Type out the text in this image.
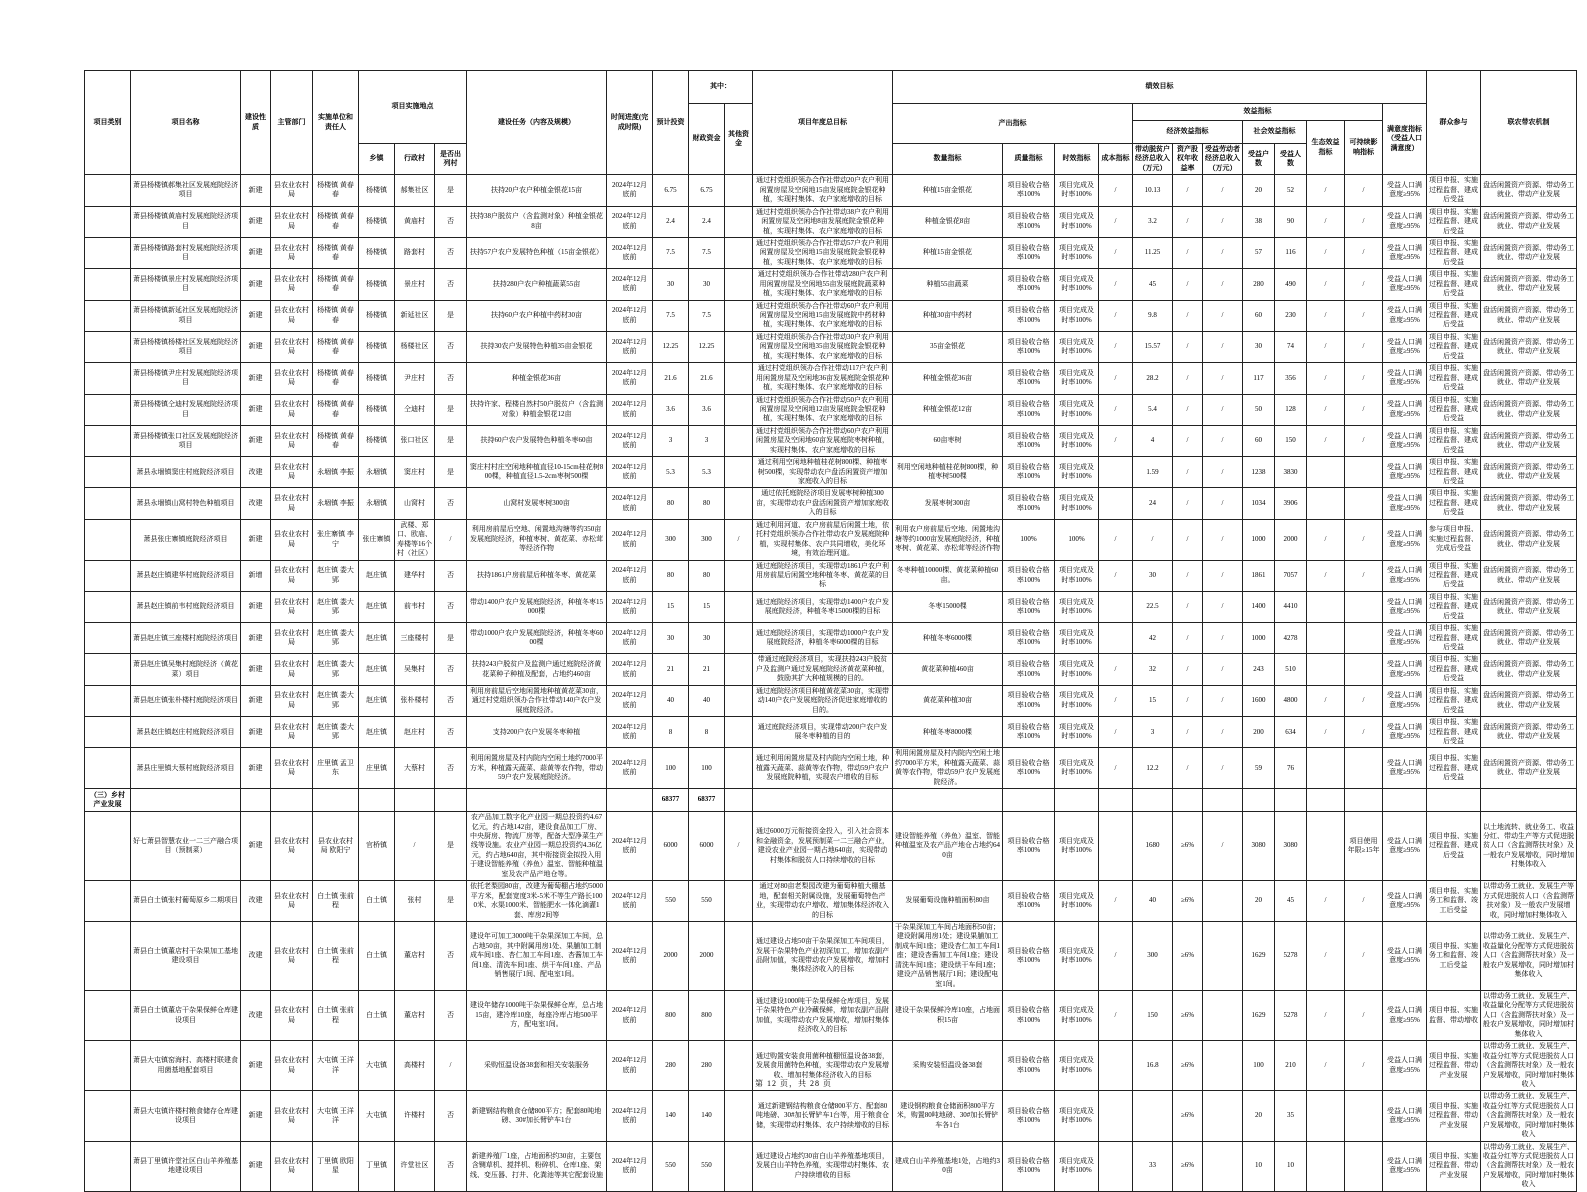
项目类别	项目名称	建设性质	主管部门	实施单位和责任人	项目实施地点			建设任务（内容及规模）	时间进度(完成时限)	预计投资	其中：		项目年度总目标	绩效目标												群众参与	联农带农机制
											财政资金	其他资金		产出指标				效益指标							满意度指标（受益人口满意度）		
																		经济效益指标			社会效益指标		生态效益指标	可持续影响指标			
					乡镇	行政村	是否出列村							数量指标	质量指标	时效指标	成本指标	带动脱贫户经济总收入（万元）	资产股权年收益率	受益劳动者经济总收入（万元）	受益户数	受益人数					
	萧县杨楼镇郝集社区发展庭院经济项目	新建	县农业农村局	杨楼镇 黄春春	杨楼镇	郝集社区	是	扶持20户农户种植金银花15亩	2024年12月底前	6.75	6.75		通过村党组织领办合作社带动20户农户利用闲置房屋及空闲地15亩发展庭院金银花种植，实现村集体、农户家庭增收的目标	种植15亩金银花	项目验收合格率100%	项目完成及时率100%	/	10.13	/	/	20	52	/	/	受益人口满意度≥95%	项目申报、实施过程监督、建成后受益	盘活闲置资产资源、带动务工就业、带动产业发展
	萧县杨楼镇黄庙村发展庭院经济项目	新建	县农业农村局	杨楼镇 黄春春	杨楼镇	黄庙村	否	扶持38户脱贫户（含监测对象）种植金银花8亩	2024年12月底前	2.4	2.4		通过村党组织领办合作社带动38户农户利用闲置房屋及空闲地8亩发展庭院金银花种植，实现村集体、农户家庭增收的目标	种植金银花8亩	项目验收合格率100%	项目完成及时率100%	/	3.2	/	/	38	90	/	/	受益人口满意度≥95%	项目申报、实施过程监督、建成后受益	盘活闲置资产资源、带动务工就业、带动产业发展
	萧县杨楼镇路套村发展庭院经济项目	新建	县农业农村局	杨楼镇 黄春春	杨楼镇	路套村	否	扶持57户农户发展特色种植（15亩金银花）	2024年12月底前	7.5	7.5		通过村党组织领办合作社带动57户农户利用闲置房屋及空闲地15亩发展庭院金银花种植，实现村集体、农户家庭增收的目标	种植15亩金银花	项目验收合格率100%	项目完成及时率100%	/	11.25	/	/	57	116	/	/	受益人口满意度≥95%	项目申报、实施过程监督、建成后受益	盘活闲置资产资源、带动务工就业、带动产业发展
	萧县杨楼镇景庄村发展庭院经济项目	新建	县农业农村局	杨楼镇 黄春春	杨楼镇	景庄村	否	扶持280户农户种植蔬菜55亩	2024年12月底前	30	30		通过村党组织领办合作社带动280户农户利用闲置房屋及空闲地55亩发展庭院蔬菜种植，实现村集体、农户家庭增收的目标	种植55亩蔬菜	项目验收合格率100%	项目完成及时率100%	/	45	/	/	280	490	/	/	受益人口满意度≥95%	项目申报、实施过程监督、建成后受益	盘活闲置资产资源、带动务工就业、带动产业发展
	萧县杨楼镇新延社区发展庭院经济项目	新建	县农业农村局	杨楼镇 黄春春	杨楼镇	新延社区	是	扶持60户农户种植中药材30亩	2024年12月底前	7.5	7.5		通过村党组织领办合作社带动60户农户利用闲置房屋及空闲地15亩发展庭院中药材种植，实现村集体、农户家庭增收的目标	种植30亩中药材	项目验收合格率100%	项目完成及时率100%	/	9.8	/	/	60	230	/	/	受益人口满意度≥95%	项目申报、实施过程监督、建成后受益	盘活闲置资产资源、带动务工就业、带动产业发展
	萧县杨楼镇杨楼社区发展庭院经济项目	新建	县农业农村局	杨楼镇 黄春春	杨楼镇	杨楼社区	否	扶持30农户发展特色种植35亩金银花	2024年12月底前	12.25	12.25		通过村党组织领办合作社带动30户农户利用闲置房屋及空闲地35亩发展庭院金银花种植，实现村集体、农户家庭增收的目标	35亩金银花	项目验收合格率100%	项目完成及时率100%	/	15.57	/	/	30	74	/	/	受益人口满意度≥95%	项目申报、实施过程监督、建成后受益	盘活闲置资产资源、带动务工就业、带动产业发展
	萧县杨楼镇尹庄村发展庭院经济项目	新建	县农业农村局	杨楼镇 黄春春	杨楼镇	尹庄村	否	种植金银花36亩	2024年12月底前	21.6	21.6		通过村党组织领办合作社带动117户农户利用闲置房屋及空闲地36亩发展庭院金银花种植，实现村集体、农户家庭增收的目标	种植金银花36亩	项目验收合格率100%	项目完成及时率100%	/	28.2	/	/	117	356	/	/	受益人口满意度≥95%	项目申报、实施过程监督、建成后受益	盘活闲置资产资源、带动务工就业、带动产业发展
	萧县杨楼镇仝迪村发展庭院经济项目	新建	县农业农村局	杨楼镇 黄春春	杨楼镇	仝迪村	是	扶持许家、程楼自然村50户脱贫户（含监测对象）种植金银花12亩	2024年12月底前	3.6	3.6		通过村党组织领办合作社带动50户农户利用闲置房屋及空闲地12亩发展庭院金银花种植，实现村集体、农户家庭增收的目标	种植金银花12亩	项目验收合格率100%	项目完成及时率100%	/	5.4	/	/	50	128	/	/	受益人口满意度≥95%	项目申报、实施过程监督、建成后受益	盘活闲置资产资源、带动务工就业、带动产业发展
	萧县杨楼镇张口社区发展庭院经济项目	新建	县农业农村局	杨楼镇 黄春春	杨楼镇	张口社区	是	扶持60户农户发展特色种植冬枣60亩	2024年12月底前	3	3		通过村党组织领办合作社带动60户农户利用闲置房屋及空闲地60亩发展庭院枣树种植，实现村集体、农户家庭增收的目标	60亩枣树	项目验收合格率100%	项目完成及时率100%	/	4	/	/	60	150	/	/	受益人口满意度≥95%	项目申报、实施过程监督、建成后受益	盘活闲置资产资源、带动务工就业、带动产业发展
	萧县永堌镇窦庄村庭院经济项目	改建	县农业农村局	永堌镇 李振	永堌镇	窦庄村	是	窦庄村村庄空闲地种植直径10-15cm桂花树800棵，种植直径1.5-2cm枣树500棵	2024年12月底前	5.3	5.3		通过利用空闲地种植桂花树800棵、种植枣树500棵，实现带动农户盘活闲置资产增加家庭收入的目标	利用空闲地种植桂花树800棵，种植枣树500棵	项目验收合格率100%	项目完成及时率100%		1.59	/	/	1238	3830			受益人口满意度≥95%	项目申报、实施过程监督、建成后受益	盘活闲置资产资源、带动务工就业、带动产业发展
	萧县永堌镇山窝村特色种植项目	改建	县农业农村局	永堌镇 李振	永堌镇	山窝村	否	山窝村发展枣树300亩	2024年12月底前	80	80		通过依托庭院经济项目发展枣树种植300亩，实现带动农户盘活闲置资产增加家庭收入的目标	发展枣树300亩	项目验收合格率100%	项目完成及时率100%		24	/	/	1034	3906			受益人口满意度≥95%	项目申报、实施过程监督、建成后受益	盘活闲置资产资源、带动务工就业、带动产业发展
	萧县张庄寨镇庭院经济项目	新建	县农业农村局	张庄寨镇 李宁	张庄寨镇	武楼、郑口、欧庙、寿楼等16个村（社区）	/	利用房前屋后空地、闲置地沟塘等约350亩发展庭院经济，种植枣树、黄花菜、赤松茸等经济作物	2024年12月底前	300	300	/	通过利用河道、农户房前屋后闲置土地，依托村党组织领办合作社带动农户发展庭院种植，实现村集体、农户共同增收，美化环境，有效治理河道。	利用农户房前屋后空地、闲置地沟塘等约1000亩发展庭院经济，种植枣树、黄花菜、赤松茸等经济作物	100%	100%	/	/	/	/	1000	2000	/	/	受益人口满意度≥95%	参与项目申报、实施过程监督、完成后受益	盘活闲置资产资源、带动务工就业、带动产业发展
	萧县赵庄镇建华村庭院经济项目	新增	县农业农村局	赵庄镇 娄大郢	赵庄镇	建华村	否	扶持1861户房前屋后种植冬枣、黄花菜	2024年12月底前	80	80		通过庭院经济项目，实现带动1861户农户利用房前屋后闲置空地种植冬枣、黄花菜的目标	冬枣种植10000棵、黄花菜种植60亩。	项目验收合格率100%	项目完成及时率100%	/	30	/	/	1861	7057	/	/	受益人口满意度≥95%	项目申报、实施过程监督、建成后受益	盘活闲置资产资源、带动务工就业、带动产业发展
	萧县赵庄镇前韦村庭院经济项目	新建	县农业农村局	赵庄镇 娄大郢	赵庄镇	前韦村	否	带动1400户农户发展庭院经济，种植冬枣15000棵	2024年12月底前	15	15		通过庭院经济项目，实现带动1400户农户发展庭院经济，种植冬枣15000棵的目标	冬枣15000棵	项目验收合格率100%	项目完成及时率100%		22.5	/	/	1400	4410			受益人口满意度≥95%	项目申报、实施过程监督、建成后受益	盘活闲置资产资源、带动务工就业、带动产业发展
	萧县赵庄镇三座楼村庭院经济项目	新建	县农业农村局	赵庄镇 娄大郢	赵庄镇	三座楼村	是	带动1000户农户发展庭院经济，种植冬枣6000棵	2024年12月底前	30	30		通过庭院经济项目，实现带动1000户农户发展庭院经济，种植冬枣6000棵的目标	种植冬枣6000棵	项目验收合格率100%	项目完成及时率100%		42	/	/	1000	4278			受益人口满意度≥95%	项目申报、实施过程监督、建成后受益	盘活闲置资产资源、带动务工就业、带动产业发展
	萧县赵庄镇吴集村庭院经济（黄花菜）项目	新建	县农业农村局	赵庄镇 娄大郢	赵庄镇	吴集村	否	扶持243户脱贫户及监测户通过庭院经济黄花菜种子种植及配套，占地约460亩	2024年12月底前	21	21		带通过庭院经济项目，实现扶持243户脱贫户及监测户通过发展庭院经济黄花菜种植，鼓励其扩大种植规模的目的。	黄花菜种植460亩	项目验收合格率100%	项目完成及时率100%	/	32	/	/	243	510			受益人口满意度≥95%	项目申报、实施过程监督、建成后受益	盘活闲置资产资源、带动务工就业、带动产业发展
	萧县赵庄镇张朴楼村庭院经济项目	新建	县农业农村局	赵庄镇 娄大郢	赵庄镇	张朴楼村	否	利用房前屋后空地闲置地种植黄花菜30亩，通过村党组织领办合作社带动140户农户发展庭院经济。	2024年12月底前	40	40		通过庭院经济项目种植黄花菜30亩，实现带动140户农户发展庭院经济促进家庭增收的目的。	黄花菜种植30亩	项目验收合格率100%	项目完成及时率100%	/	15	/	/	1600	4800	/	/	受益人口满意度≥95%	项目申报、实施过程监督、建成后受益	盘活闲置资产资源、带动务工就业、带动产业发展
	萧县赵庄镇赵庄村庭院经济项目	新建	县农业农村局	赵庄镇 娄大郢	赵庄镇	赵庄村	否	支持200户农户发展冬枣种植	2024年12月底前	8	8		通过庭院经济项目，实现带动200户农户发展冬枣种植的目的	种植冬枣8000棵	项目验收合格率100%	项目完成及时率100%	/	3	/	/	200	634	/	/	受益人口满意度≥95%	项目申报、实施过程监督、建成后受益	盘活闲置资产资源、带动务工就业、带动产业发展
	萧县庄里镇大蔡村庭院经济项目	新建	县农业农村局	庄里镇 孟卫东	庄里镇	大蔡村	否	利用闲置房屋及村内院内空闲土地约7000平方米，种植露天蔬菜、蒜黄等农作物，带动59户农户发展庭院经济。	2024年12月底前	100	100		通过利用闲置房屋及村内院内空闲土地，种植露天蔬菜、蒜黄等农作物，带动59户农户发展庭院种植，实现农户增收的目标	利用闲置房屋及村内院内空闲土地约7000平方米，种植露天蔬菜、蒜黄等农作物，带动59户农户发展庭院经济。	项目验收合格率100%	项目完成及时率100%	/	12.2	/	/	59	76			受益人口满意度≥95%	项目申报、实施过程监督、建成后受益	盘活闲置资产资源、带动务工就业、带动产业发展
（三）乡村产业发展										68377	68377																
	好七萧县智慧农业一二三产融合项目（预制菜）	新建	县农业农村局	县农业农村局 欧阳宁	官桥镇	/	是	农产品加工数字化产业园一期总投资约4.67亿元，约占地142亩，建设食品加工厂房、中央厨房、物流厂房等，配备大型净菜生产线等设施。农业产业园一期总投资约4.36亿元，约占地640亩，其中衔接资金拟投入用于建设智能养殖（养鱼）温室、智能种植温室及农产品产地仓等。	2024年12月底前	6000	6000	/	通过6000万元衔接资金投入，引入社会资本和金融资金，发展预制菜一二三融合产业，建设农业产业园一期占地640亩，实现带动村集体和脱贫人口持续增收的目标	建设智能养殖（养鱼）温室、智能种植温室及农产品产地仓占地约640亩	项目验收合格率100%	项目完成及时率100%		1680	≥6%	/	3080	3080		项目使用年限≥15年	受益人口满意度≥95%	项目申报、实施过程监督、建成后受益	以土地流转、就业务工、收益分红、带动生产等方式促进脱贫人口（含监测帮扶对象）及一般农户发展增收，同时增加村集体收入
	萧县白土镇张村葡萄原乡二期项目	改建	县农业农村局	白土镇 张前程	白土镇	张村	是	依托老梨园80亩，改建为葡萄棚占地约5000平方米，配套宽度3米-5米不等生产路长1000米、水渠1000米、智能肥水一体化滴灌1套、库房2间等	2024年12月底前	550	550		通过对80亩老梨园改建为葡萄种植大棚基地，配套相关附属设施，发展葡萄特色产业，实现带动农户增收、增加集体经济收入的目标	发展葡萄设施种植面积80亩	项目验收合格率100%	项目完成及时率100%	/	40	≥6%		20	45	/	/	受益人口满意度≥95%	项目申报、实施务工和监督、竣工后受益	以带动务工就业、发展生产等方式促进脱贫人口（含监测帮扶对象）及一般农户发展增收，同时增加村集体收入
	萧县白土镇董店村干杂果加工基地建设项目	改建	县农业农村局	白土镇 张前程	白土镇	董店村	否	建设年可加工3000吨干杂果深加工车间，总占地50亩，其中附属用房1处、果脯加工制成车间1座、杏仁加工车间1座、杏酱加工车间1座、清洗车间1座、烘干车间1座、产品销售展厅1间、配电室1间。	2024年12月底前	2000	2000		通过建设占地50亩干杂果深加工车间项目，发展干杂果特色产业初深加工，增加农副产品附加值，实现带动农户发展增收，增加村集体经济收入的目标	干杂果深加工车间占地面积50亩；建设附属用房1处；建设果脯加工制成车间1座；建设杏仁加工车间1座；建设杏酱加工车间1座；建设清洗车间1座；建设烘干车间1座；建设产品销售展厅1间；建设配电室1间。	项目验收合格率100%	项目完成及时率100%	/	300	≥6%		1629	5278	/	/	受益人口满意度≥95%	项目申报、实施务工和监督、竣工后受益	以带动务工就业、发展生产、收益量化分配等方式促进脱贫人口（含监测帮扶对象）及一般农户发展增收，同时增加村集体收入
	萧县白土镇董店干杂果保鲜仓库建设项目	改建	县农业农村局	白土镇 张前程	白土镇	董店村	否	建设年储存1000吨干杂果保鲜仓库，总占地15亩，建冷库10座，每座冷库占地500平方，配电室1间。	2024年12月底前	800	800		通过建设1000吨干杂果保鲜仓库项目，发展干杂果特色产业冷藏保鲜，增加农副产品附加值，实现带动农户发展增收，增加村集体经济收入的目标	建设干杂果保鲜冷库10座，占地面积15亩	项目验收合格率100%	项目完成及时率100%	/	150	≥6%		1629	5278	/	/	受益人口满意度≥95%	项目申报、实施监督、带动增收	以带动务工就业、发展生产、收益量化分配等方式促进脱贫人口（含监测帮扶对象）及一般农户发展增收，同时增加村集体收入
	萧县大屯镇窑海村、高楼村联建食用菌基地配套项目	新建	县农业农村局	大屯镇 王洋洋	大屯镇	高楼村	/	采购恒温设备38套和相关安装服务	2024年12月底前	280	280		通过购置安装食用菌种植棚恒温设备38套，发展食用菌特色种植，实现带动农户发展增收、增加村集体经济收入的目标	采购安装恒温设备38套	项目验收合格率100%	项目完成及时率100%		16.8	≥6%		100	210	/	/	受益人口满意度≥95%	项目申报、实施过程监督、带动产业发展	以带动务工就业、发展生产、收益分红等方式促进脱贫人口（含监测帮扶对象）及一般农户发展增收，同时增加村集体收入
	萧县大屯镇许楼村粮食储存仓库建设项目	新建	县农业农村局	大屯镇 王洋洋	大屯镇	许楼村	否	新建钢结构粮食仓储800平方；配套80吨地磅、30#加长臂铲车1台	2024年12月底前	140	140		通过新建钢结构粮食仓储800平方、配套80吨地磅、30#加长臂铲车1台等，用于粮食仓储，实现带动村集体、农户持续增收的目标	建设钢构粮食仓储面积800平方米，购置80吨地磅、30#加长臂铲车各1台	项目验收合格率100%	项目完成及时率100%			≥6%		20	35			受益人口满意度≥95%	项目申报、实施过程监督、带动产业发展	以带动务工就业、发展生产、收益分红等方式促进脱贫人口（含监测帮扶对象）及一般农户发展增收，同时增加村集体收入
	萧县丁里镇许堂社区白山羊养殖基地建设项目	新建	县农业农村局	丁里镇 欧阳星	丁里镇	许堂社区	否	新建养殖厂1座，占地面积约30亩，主要包含铡草机、搅拌机、粉碎机、仓库1座、架线、变压器、打井、化粪池等其它配套设施	2024年12月底前	550	550		通过建设占地约30亩白山羊养殖基地项目，发展白山羊特色养殖，实现带动村集体、农户持续增收的目标	建成白山羊养殖基地1处，占地约30亩	项目验收合格率100%	项目完成及时率100%		33	≥6%		10	10			受益人口满意度≥95%	项目申报、实施过程监督、带动产业发展	以带动务工就业、发展生产、收益分红等方式促进脱贫人口（含监测帮扶对象）及一般农户发展增收，同时增加村集体收入
第 12 页，共 28 页
